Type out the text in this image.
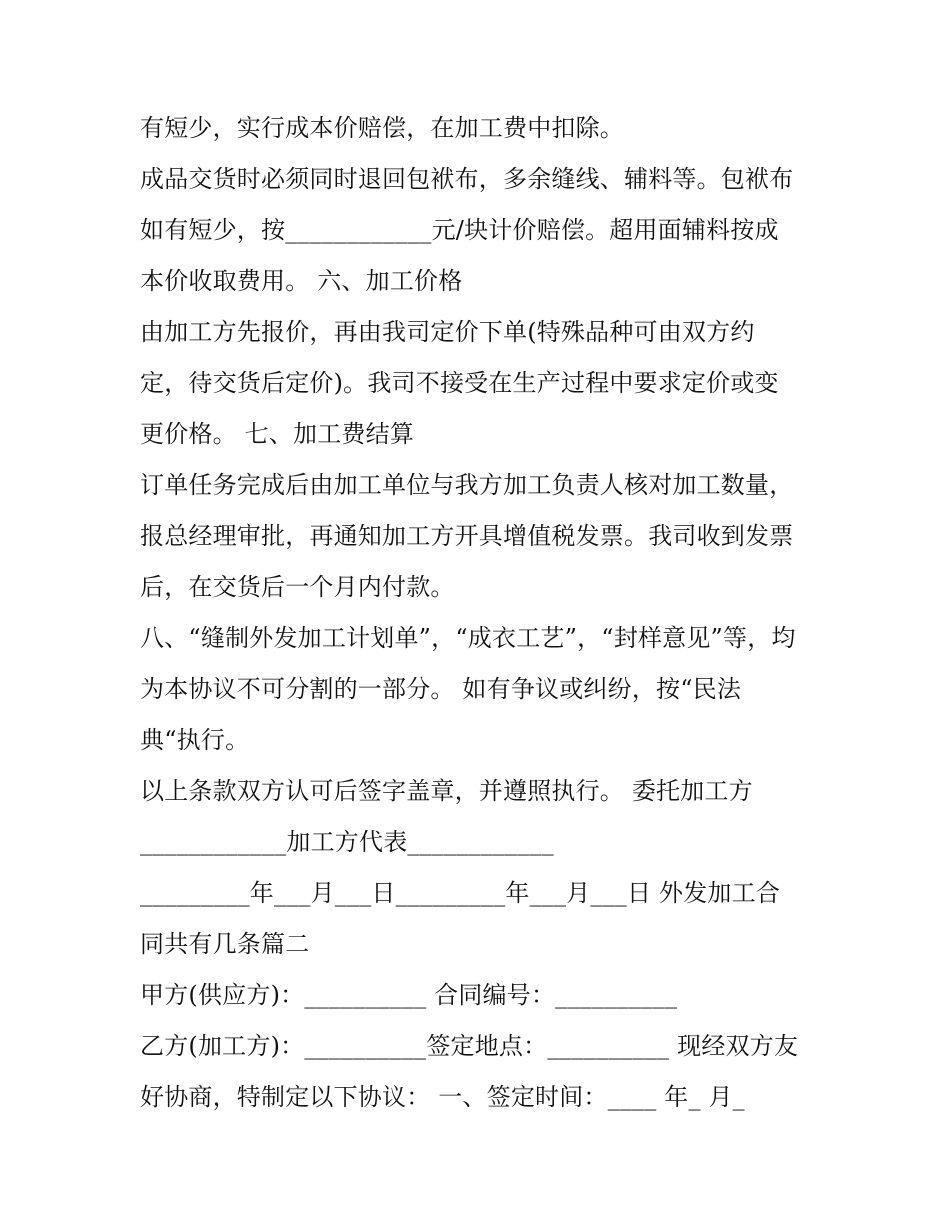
有短少，实行成本价赔偿，在加工费中扣除。
成品交货时必须同时退回包袱布，多余缝线、辅料等。包袱布
如有短少，按____________元/块计价赔偿。超用面辅料按成
本价收取费用。 六、加工价格
由加工方先报价，再由我司定价下单(特殊品种可由双方约
定，待交货后定价)。我司不接受在生产过程中要求定价或变
更价格。 七、加工费结算
订单任务完成后由加工单位与我方加工负责人核对加工数量，
报总经理审批，再通知加工方开具增值税发票。我司收到发票
后，在交货后一个月内付款。
八、“缝制外发加工计划单”，“成衣工艺”，“封样意见”等，均
为本协议不可分割的一部分。 如有争议或纠纷，按“民法
典“执行。
以上条款双方认可后签字盖章，并遵照执行。 委托加工方
____________加工方代表____________
_________年___月___日_________年___月___日 外发加工合
同共有几条篇二
甲方(供应方)：__________ 合同编号：__________
乙方(加工方)：__________签定地点：__________ 现经双方友
好协商，特制定以下协议： 一、签定时间：____ 年_ 月_
